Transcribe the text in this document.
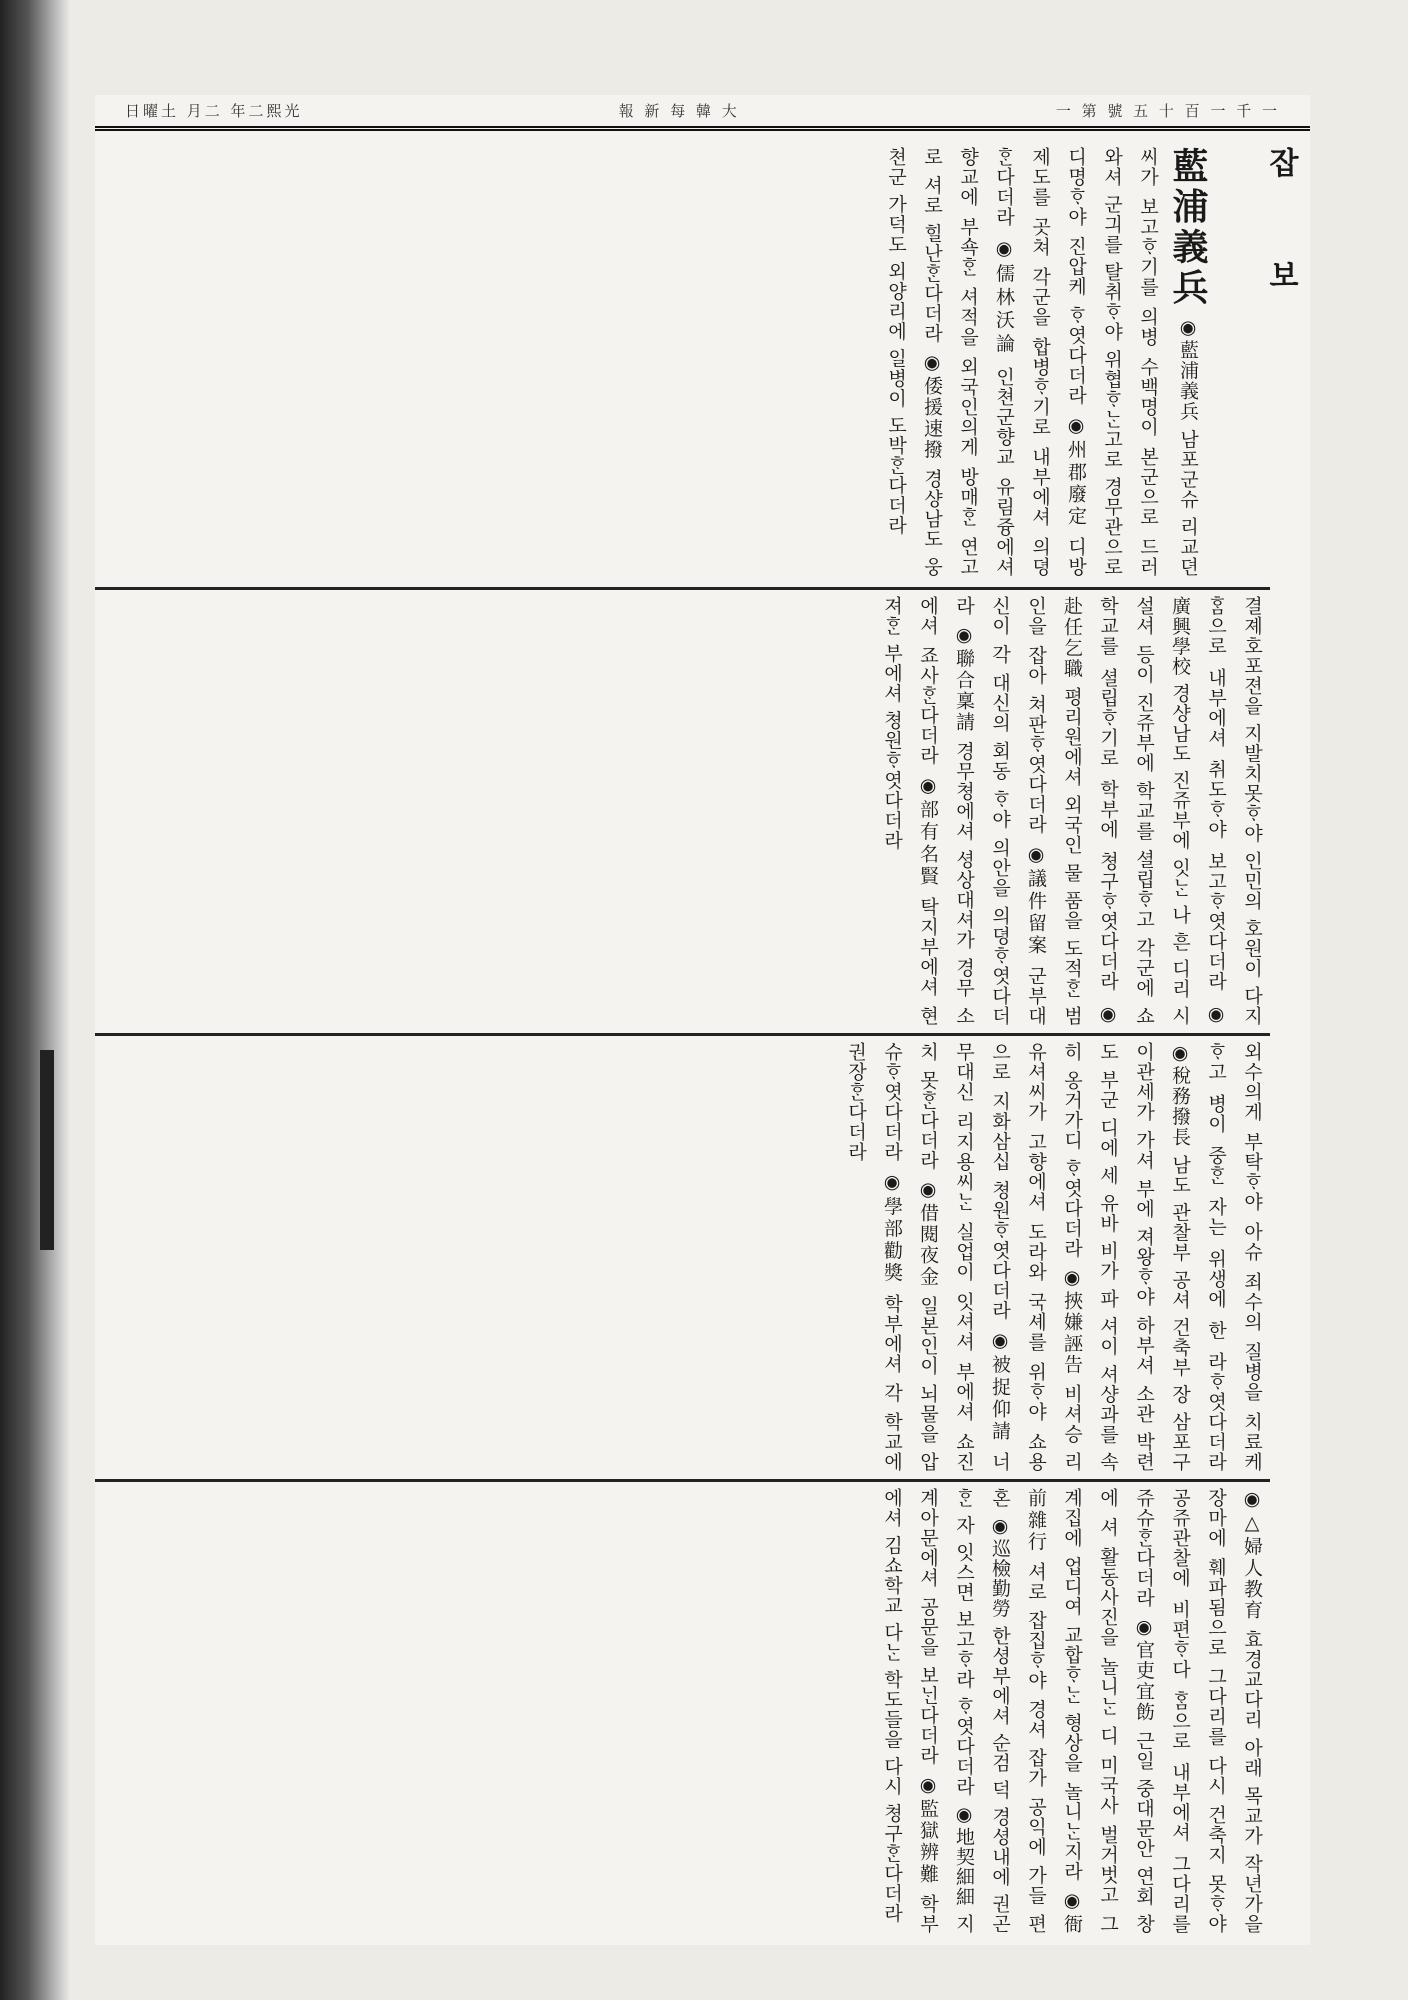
日曜土 月二 年二熙光	報 新 每 韓 大	一 第 號 五 十 百 一 千 一
잡 보
藍浦義兵 ◉藍浦義兵 남포군슈 리교뎐씨가 보고ᄒᆞ기를 의병 수백명이 본군으로 드러와셔 군긔를 탈취ᄒᆞ야 위협ᄒᆞᄂᆞᆫ고로 경무관으로 디명ᄒᆞ야 진압케 ᄒᆞ엿다더라 ◉州郡廢定 디방제도를 곳쳐 각군을 합병ᄒᆞ기로 내부에셔 의뎡ᄒᆞᆫ다더라 ◉儒林沃論 인쳔군향교 유림즁에셔 향교에 부쇽ᄒᆞᆫ 셔적을 외국인의게 방매ᄒᆞᆫ 연고로 셔로 힐난ᄒᆞᆫ다더라 ◉倭援速撥 경샹남도 웅쳔군 가덕도 외양리에 일병이 도박ᄒᆞᆫ다더라
결졔호포젼을 지발치못ᄒᆞ야 인민의 호원이 다지ᄒᆞᆷ으로 내부에셔 취도ᄒᆞ야 보고ᄒᆞ엿다더라 ◉廣興學校 경샹남도 진쥬부에 잇ᄂᆞᆫ 나 흔 디리 시설셔 등이 진쥬부에 학교를 셜립ᄒᆞ고 각군에 쇼학교를 셜립ᄒᆞ기로 학부에 쳥구ᄒᆞ엿다더라 ◉赴任乞職 평리원에셔 외국인 물 품을 도적ᄒᆞᆫ 범인을 잡아 쳐판ᄒᆞ엿다더라 ◉議件留案 군부대신이 각 대신의 회동 ᄒᆞ야 의안을 의뎡ᄒᆞ엿다더라 ◉聯合稟請 경무쳥에셔 셩상대셔가 경무 소에셔 죠사ᄒᆞᆫ다더라 ◉部有名賢 탁지부에셔 현져ᄒᆞᆫ 부에셔 쳥원ᄒᆞ엿다더라
외수의게 부탁ᄒᆞ야 아슈 죄수의 질병을 치료케ᄒᆞ고 병이 중ᄒᆞᆫ 자는 위생에 한 라ᄒᆞ엿다더라 ◉稅務撥長 남도 관찰부 공셔 건축부 장 삼포구 이관세가 가셔 부에 져왕ᄒᆞ야 하부셔 소관 박련도 부군 디에 세 유바 비가 파 셔이 셔샹과를 속히 옹거가디 ᄒᆞ엿다더라 ◉挾嫌誣告 비셔승 리유셔씨가 고향에셔 도라와 국셰를 위ᄒᆞ야 쇼용으로 지화삼십 쳥원ᄒᆞ엿다더라 ◉被捉仰請 너무대신 리지용씨ᄂᆞᆫ 실업이 잇셔셔 부에셔 쇼진치 못ᄒᆞᆫ다더라 ◉借閱夜金 일본인이 뇌물을 압슈ᄒᆞ엿다더라 ◉學部勸獎 학부에셔 각 학교에 권장ᄒᆞᆫ다더라
◉△婦人教育 효경교다리 아래 목교가 작년가을 장마에 훼파됨으로 그다리를 다시 건축지 못ᄒᆞ야 공쥬관찰에 비편ᄒᆞ다 ᄒᆞᆷ으로 내부에셔 그다리를 쥬슈ᄒᆞᆫ다더라 ◉官吏宜飭 근일 중대문안 연회 창에 셔 활동사진을 놀니ᄂᆞᆫ 디 미국사 벌거벗고 그 계집에 업디여 교합ᄒᆞᄂᆞᆫ 형상을 놀니ᄂᆞᆫ지라 ◉衙前雜行 셔로 잡집ᄒᆞ야 경셔 잡가 공익에 가들 편혼 ◉巡檢勤勞 한셩부에셔 순검 덕 경셩내에 권곤ᄒᆞᆫ 자 잇스면 보고ᄒᆞ라 ᄒᆞ엿다더라 ◉地契細細 지계아문에셔 공문을 보ᄂᆡᆫ다더라 ◉監獄辨難 학부에셔 김쇼학교 다ᄂᆞᆫ 학도들을 다시 쳥구ᄒᆞᆫ다더라
